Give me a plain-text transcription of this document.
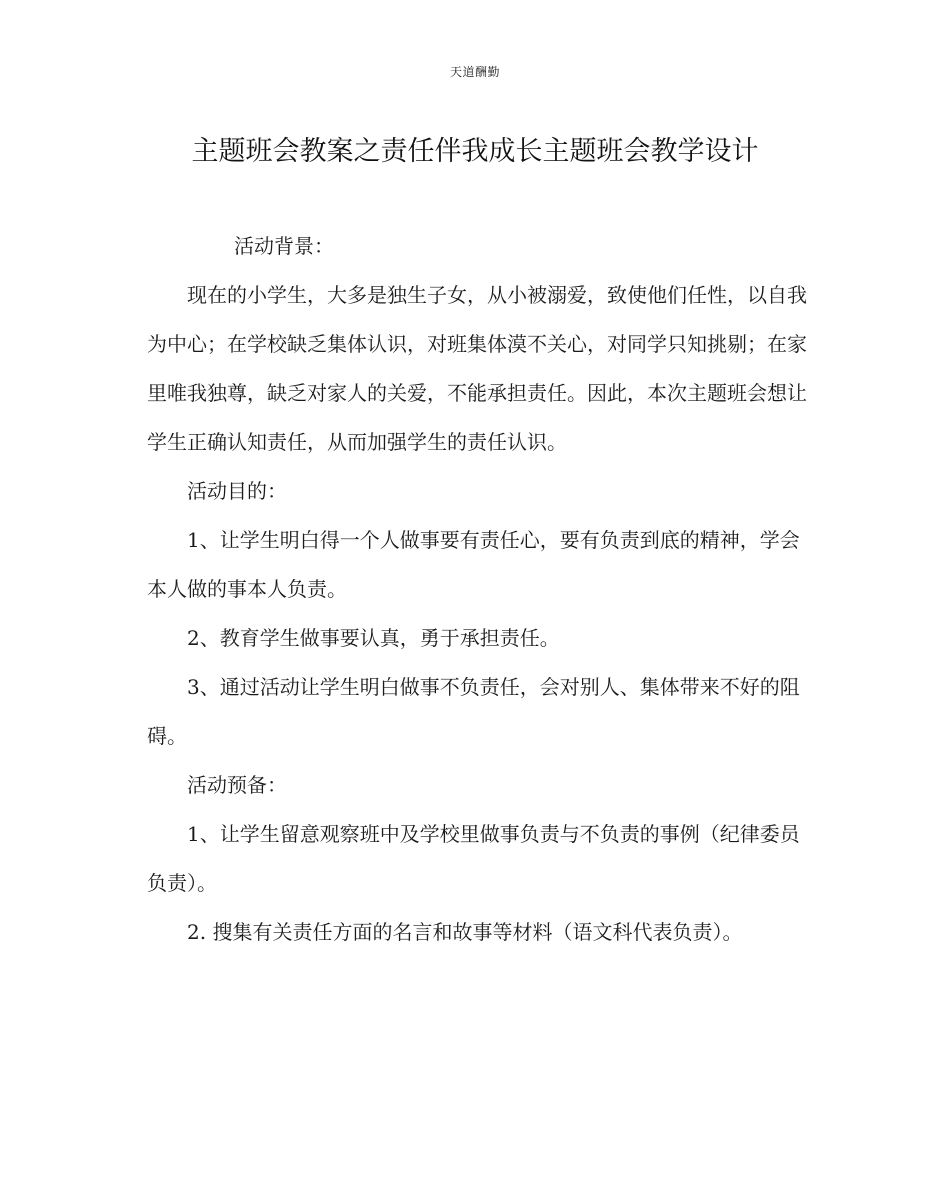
天道酬勤
主题班会教案之责任伴我成长主题班会教学设计

活动背景：

现在的小学生，大多是独生子女，从小被溺爱，致使他们任性，以自我为中心；在学校缺乏集体认识，对班集体漠不关心，对同学只知挑剔；在家里唯我独尊，缺乏对家人的关爱，不能承担责任。因此，本次主题班会想让学生正确认知责任，从而加强学生的责任认识。

活动目的：

1、让学生明白得一个人做事要有责任心，要有负责到底的精神，学会本人做的事本人负责。

2、教育学生做事要认真，勇于承担责任。

3、通过活动让学生明白做事不负责任，会对别人、集体带来不好的阻碍。

活动预备：

1、让学生留意观察班中及学校里做事负责与不负责的事例（纪律委员负责）。

2. 搜集有关责任方面的名言和故事等材料（语文科代表负责）。
